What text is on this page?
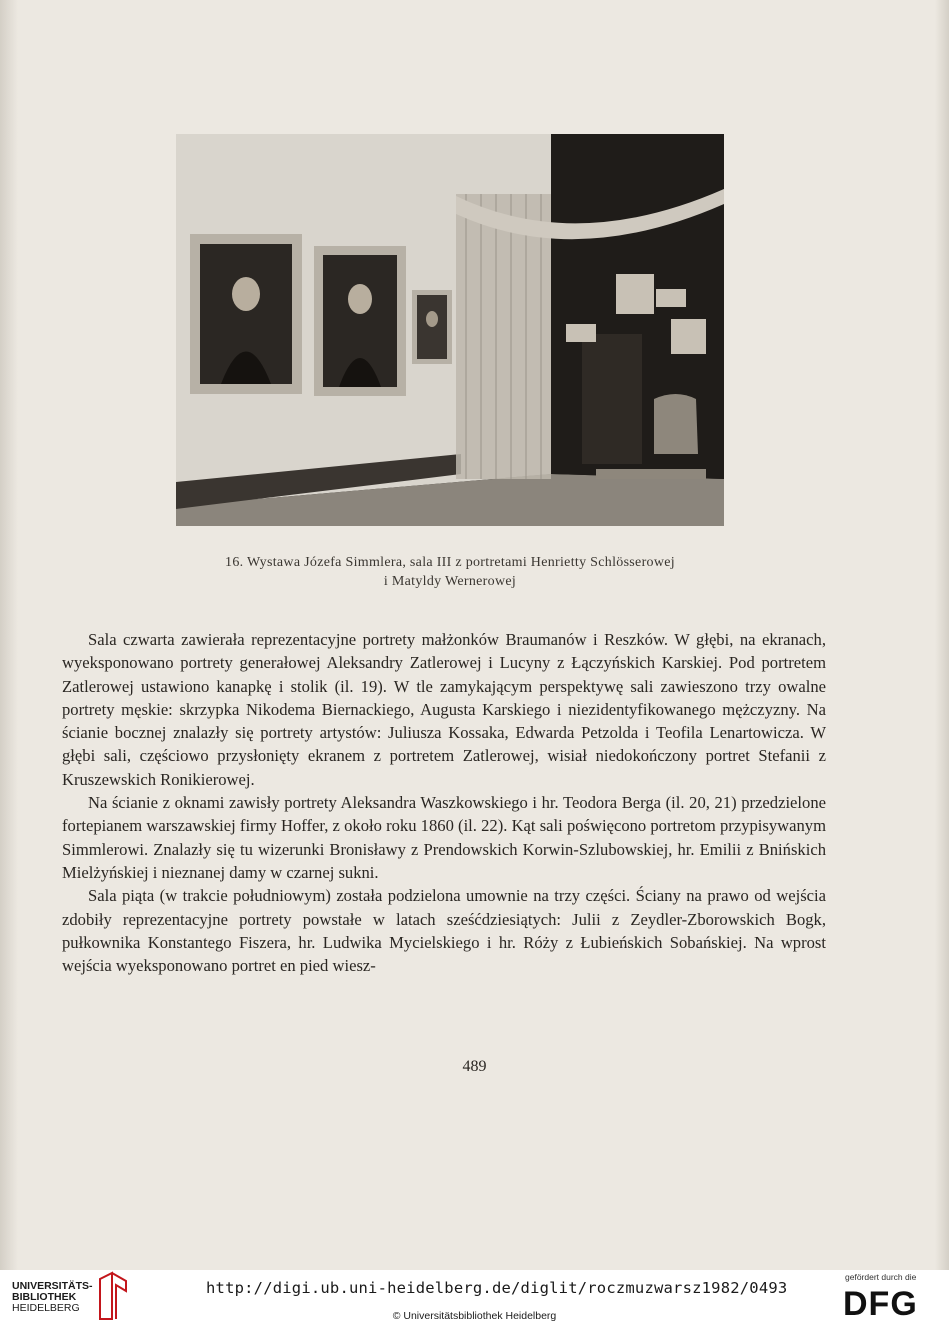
16. Wystawa Józefa Simmlera, sala III z portretami Henrietty Schlösserowej
i Matyldy Wernerowej

Sala czwarta zawierała reprezentacyjne portrety małżonków Braumanów i Reszków. W głębi, na ekranach, wyeksponowano portrety generałowej Aleksandry Zatlerowej i Lucyny z Łączyńskich Karskiej. Pod portretem Zatlerowej ustawiono kanapkę i stolik (il. 19). W tle zamykającym perspektywę sali zawieszono trzy owalne portrety męskie: skrzypka Nikodema Biernackiego, Augusta Karskiego i niezidentyfikowanego mężczyzny. Na ścianie bocznej znalazły się portrety artystów: Juliusza Kossaka, Edwarda Petzolda i Teofila Lenartowicza. W głębi sali, częściowo przysłonięty ekranem z portretem Zatlerowej, wisiał niedokończony portret Stefanii z Kruszewskich Ronikierowej.

Na ścianie z oknami zawisły portrety Aleksandra Waszkowskiego i hr. Teodora Berga (il. 20, 21) przedzielone fortepianem warszawskiej firmy Hoffer, z około roku 1860 (il. 22). Kąt sali poświęcono portretom przypisywanym Simmlerowi. Znalazły się tu wizerunki Bronisławy z Prendowskich Korwin-Szlubowskiej, hr. Emilii z Bnińskich Mielżyńskiej i nieznanej damy w czarnej sukni.

Sala piąta (w trakcie południowym) została podzielona umownie na trzy części. Ściany na prawo od wejścia zdobiły reprezentacyjne portrety powstałe w latach sześćdziesiątych: Julii z Zeydler-Zborowskich Bogk, pułkownika Konstantego Fiszera, hr. Ludwika Mycielskiego i hr. Róży z Łubieńskich Sobańskiej. Na wprost wejścia wyeksponowano portret en pied wiesz-

489
UNIVERSITÄTS-
BIBLIOTHEK
HEIDELBERG
http://digi.ub.uni-heidelberg.de/diglit/roczmuzwarsz1982/0493
© Universitätsbibliothek Heidelberg
gefördert durch die
DFG
